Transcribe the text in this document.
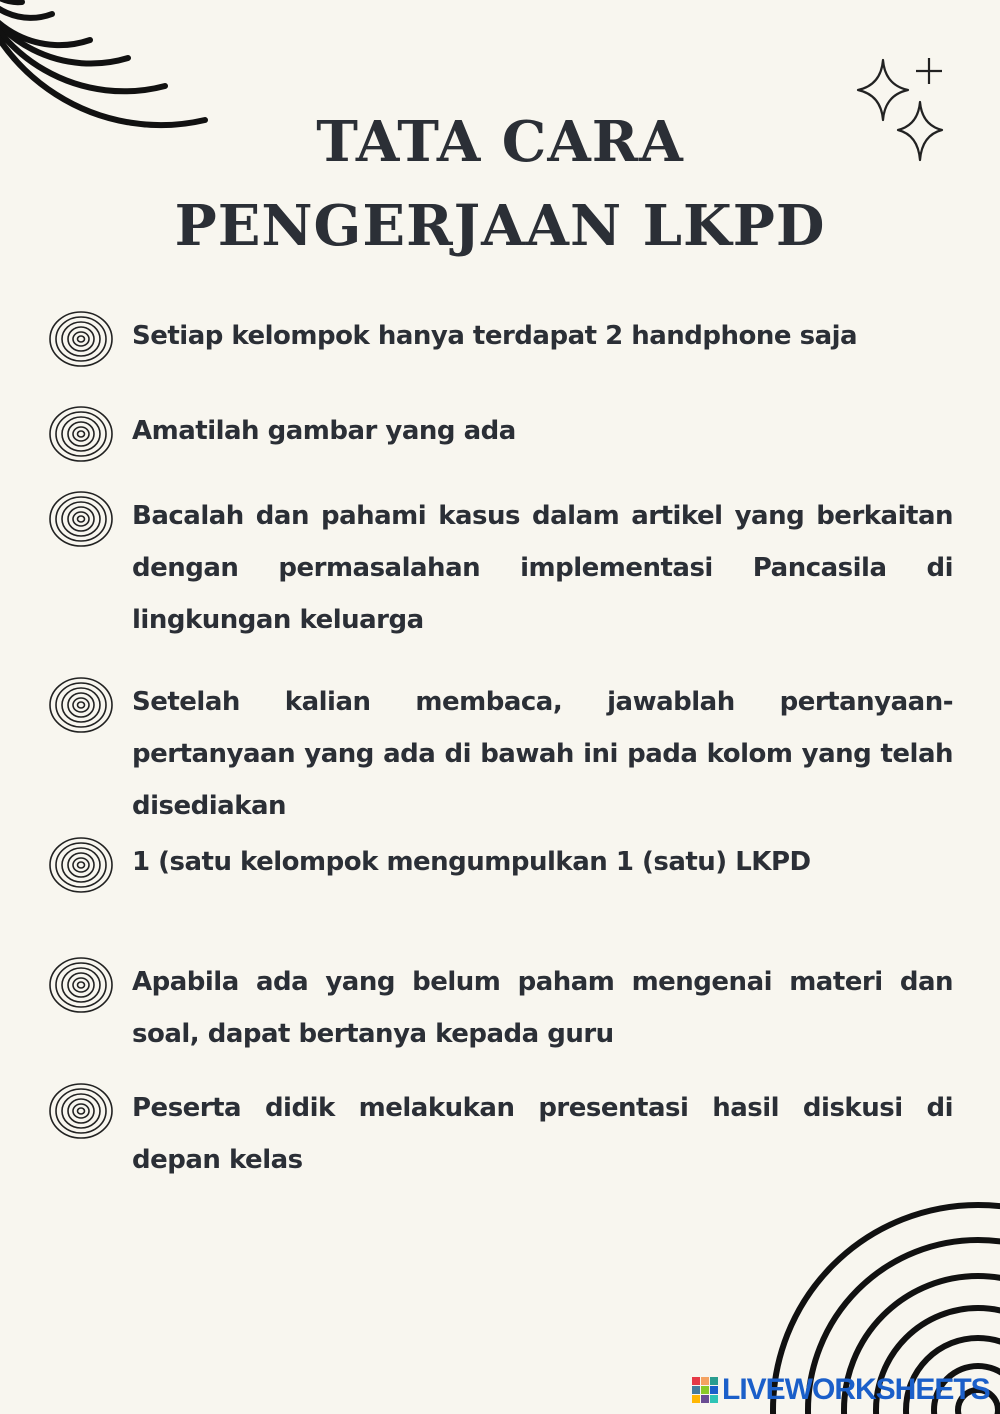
TATA CARA
PENGERJAAN LKPD
Setiap kelompok hanya terdapat 2 handphone saja
Amatilah gambar yang ada
Bacalah dan pahami kasus dalam artikel yang berkaitan dengan permasalahan implementasi Pancasila di lingkungan keluarga
Setelah kalian membaca, jawablah pertanyaan-pertanyaan yang ada di bawah ini pada kolom yang telah disediakan
1 (satu kelompok mengumpulkan 1 (satu) LKPD
Apabila ada yang belum paham mengenai materi dan soal, dapat bertanya kepada guru
Peserta didik melakukan presentasi hasil diskusi di depan kelas
LIVEWORKSHEETS
